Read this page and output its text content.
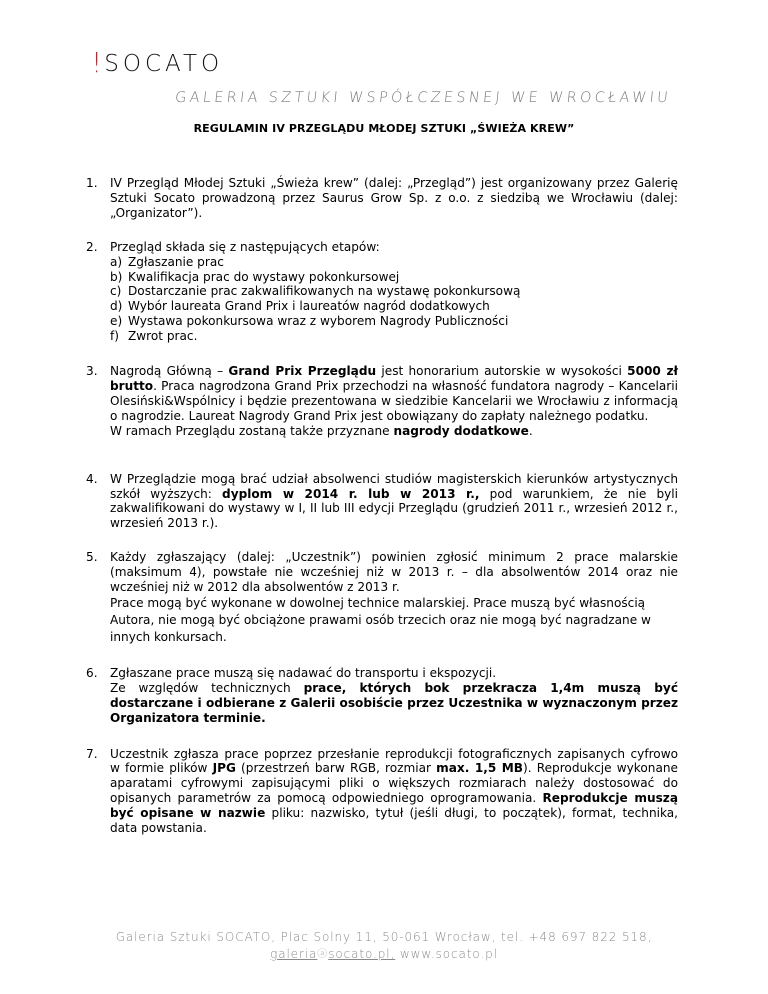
! SOCATO
GALERIA SZTUKI WSPÓŁCZESNEJ WE WROCŁAWIU
REGULAMIN IV PRZEGLĄDU MŁODEJ SZTUKI „ŚWIEŻA KREW”
1. IV Przegląd Młodej Sztuki „Świeża krew” (dalej: „Przegląd”) jest organizowany przez Galerię Sztuki Socato prowadzoną przez Saurus Grow Sp. z o.o. z siedzibą we Wrocławiu (dalej: „Organizator”).

2. Przegląd składa się z następujących etapów:

a) Zgłaszanie prac
b) Kwalifikacja prac do wystawy pokonkursowej
c) Dostarczanie prac zakwalifikowanych na wystawę pokonkursową
d) Wybór laureata Grand Prix i laureatów nagród dodatkowych
e) Wystawa pokonkursowa wraz z wyborem Nagrody Publiczności
f) Zwrot prac.
3. Nagrodą Główną – Grand Prix Przeglądu jest honorarium autorskie w wysokości 5000 zł brutto. Praca nagrodzona Grand Prix przechodzi na własność fundatora nagrody – Kancelarii Olesiński&Wspólnicy i będzie prezentowana w siedzibie Kancelarii we Wrocławiu z informacją o nagrodzie. Laureat Nagrody Grand Prix jest obowiązany do zapłaty należnego podatku.

W ramach Przeglądu zostaną także przyznane nagrody dodatkowe.

4. W Przeglądzie mogą brać udział absolwenci studiów magisterskich kierunków artystycznych szkół wyższych: dyplom w 2014 r. lub w 2013 r., pod warunkiem, że nie byli zakwalifikowani do wystawy w I, II lub III edycji Przeglądu (grudzień 2011 r., wrzesień 2012 r., wrzesień 2013 r.).

5. Każdy zgłaszający (dalej: „Uczestnik”) powinien zgłosić minimum 2 prace malarskie (maksimum 4), powstałe nie wcześniej niż w 2013 r. – dla absolwentów 2014 oraz nie wcześniej niż w 2012 dla absolwentów z 2013 r.

Prace mogą być wykonane w dowolnej technice malarskiej. Prace muszą być własnością Autora, nie mogą być obciążone prawami osób trzecich oraz nie mogą być nagradzane w innych konkursach.

6. Zgłaszane prace muszą się nadawać do transportu i ekspozycji.

Ze względów technicznych prace, których bok przekracza 1,4m muszą być dostarczane i odbierane z Galerii osobiście przez Uczestnika w wyznaczonym przez Organizatora terminie.

7. Uczestnik zgłasza prace poprzez przesłanie reprodukcji fotograficznych zapisanych cyfrowo w formie plików JPG (przestrzeń barw RGB, rozmiar max. 1,5 MB). Reprodukcje wykonane aparatami cyfrowymi zapisującymi pliki o większych rozmiarach należy dostosować do opisanych parametrów za pomocą odpowiedniego oprogramowania. Reprodukcje muszą być opisane w nazwie pliku: nazwisko, tytuł (jeśli długi, to początek), format, technika, data powstania.

Galeria Sztuki SOCATO, Plac Solny 11, 50-061 Wrocław, tel. +48 697 822 518,
galeriaⓐsocato.pl, www.socato.pl
